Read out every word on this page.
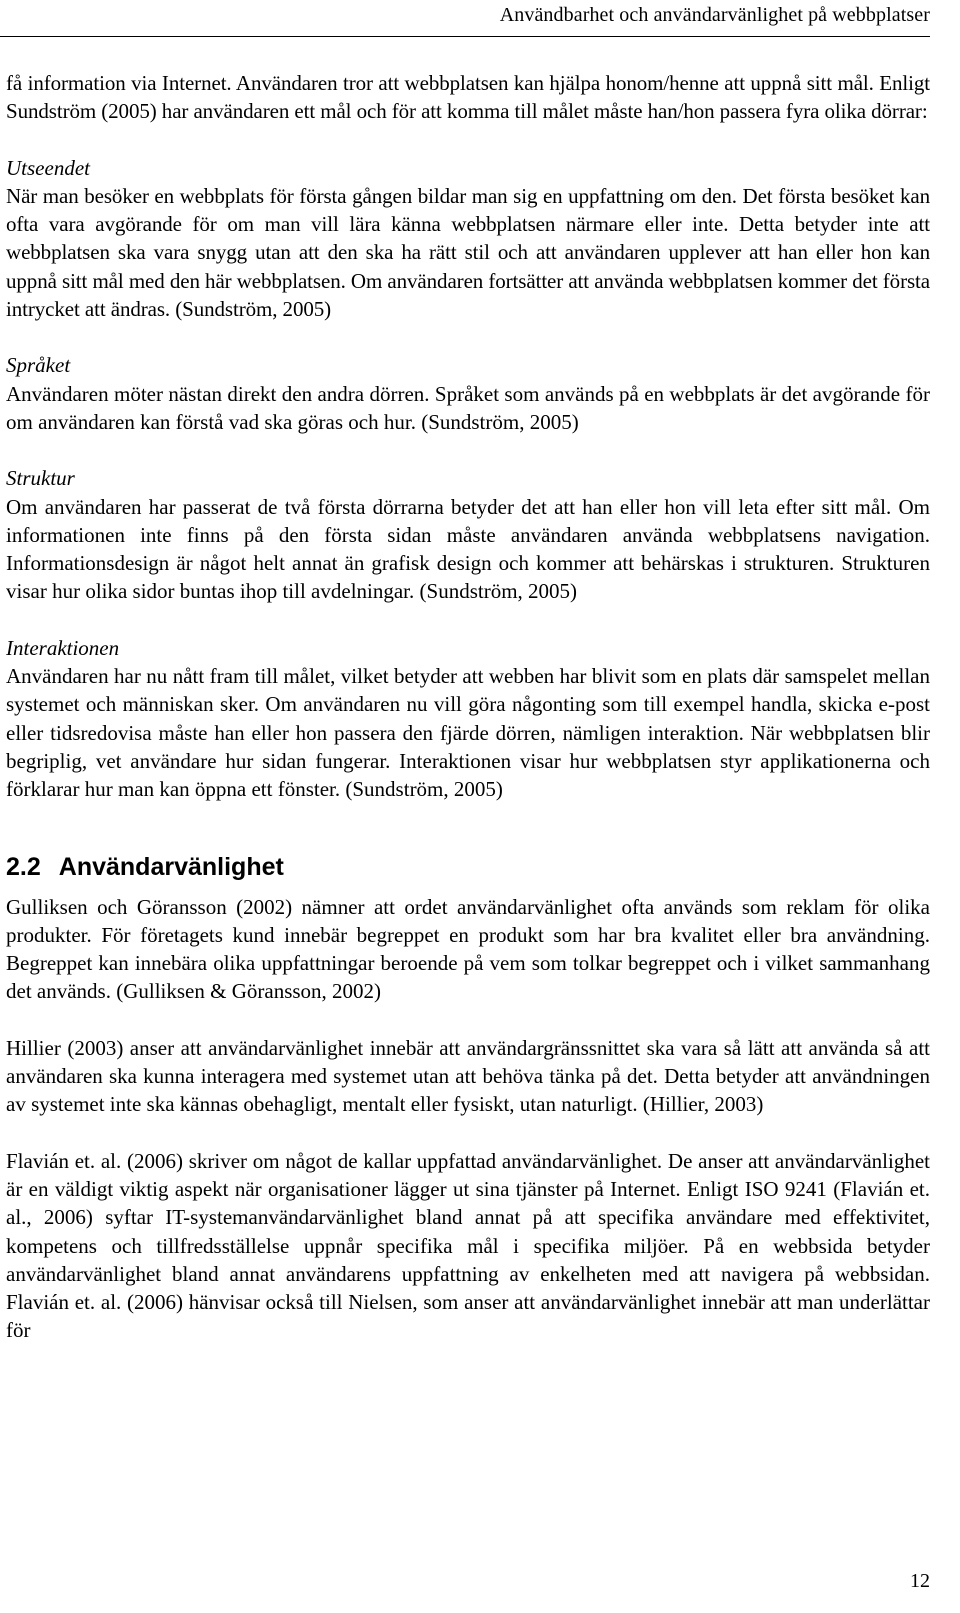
Användbarhet och användarvänlighet på webbplatser

få information via Internet. Användaren tror att webbplatsen kan hjälpa honom/henne att uppnå sitt mål. Enligt Sundström (2005) har användaren ett mål och för att komma till målet måste han/hon passera fyra olika dörrar:

Utseendet

När man besöker en webbplats för första gången bildar man sig en uppfattning om den. Det första besöket kan ofta vara avgörande för om man vill lära känna webbplatsen närmare eller inte. Detta betyder inte att webbplatsen ska vara snygg utan att den ska ha rätt stil och att användaren upplever att han eller hon kan uppnå sitt mål med den här webbplatsen. Om användaren fortsätter att använda webbplatsen kommer det första intrycket att ändras. (Sundström, 2005)

Språket

Användaren möter nästan direkt den andra dörren. Språket som används på en webbplats är det avgörande för om användaren kan förstå vad ska göras och hur. (Sundström, 2005)

Struktur

Om användaren har passerat de två första dörrarna betyder det att han eller hon vill leta efter sitt mål. Om informationen inte finns på den första sidan måste användaren använda webbplatsens navigation. Informationsdesign är något helt annat än grafisk design och kommer att behärskas i strukturen. Strukturen visar hur olika sidor buntas ihop till avdelningar. (Sundström, 2005)

Interaktionen

Användaren har nu nått fram till målet, vilket betyder att webben har blivit som en plats där samspelet mellan systemet och människan sker. Om användaren nu vill göra någonting som till exempel handla, skicka e-post eller tidsredovisa måste han eller hon passera den fjärde dörren, nämligen interaktion. När webbplatsen blir begriplig, vet användare hur sidan fungerar. Interaktionen visar hur webbplatsen styr applikationerna och förklarar hur man kan öppna ett fönster. (Sundström, 2005)

2.2 Användarvänlighet

Gulliksen och Göransson (2002) nämner att ordet användarvänlighet ofta används som reklam för olika produkter. För företagets kund innebär begreppet en produkt som har bra kvalitet eller bra användning. Begreppet kan innebära olika uppfattningar beroende på vem som tolkar begreppet och i vilket sammanhang det används. (Gulliksen & Göransson, 2002)

Hillier (2003) anser att användarvänlighet innebär att användargränssnittet ska vara så lätt att använda så att användaren ska kunna interagera med systemet utan att behöva tänka på det. Detta betyder att användningen av systemet inte ska kännas obehagligt, mentalt eller fysiskt, utan naturligt. (Hillier, 2003)

Flavián et. al. (2006) skriver om något de kallar uppfattad användarvänlighet. De anser att användarvänlighet är en väldigt viktig aspekt när organisationer lägger ut sina tjänster på Internet. Enligt ISO 9241 (Flavián et. al., 2006) syftar IT-systemanvändarvänlighet bland annat på att specifika användare med effektivitet, kompetens och tillfredsställelse uppnår specifika mål i specifika miljöer. På en webbsida betyder användarvänlighet bland annat användarens uppfattning av enkelheten med att navigera på webbsidan. Flavián et. al. (2006) hänvisar också till Nielsen, som anser att användarvänlighet innebär att man underlättar för

12
